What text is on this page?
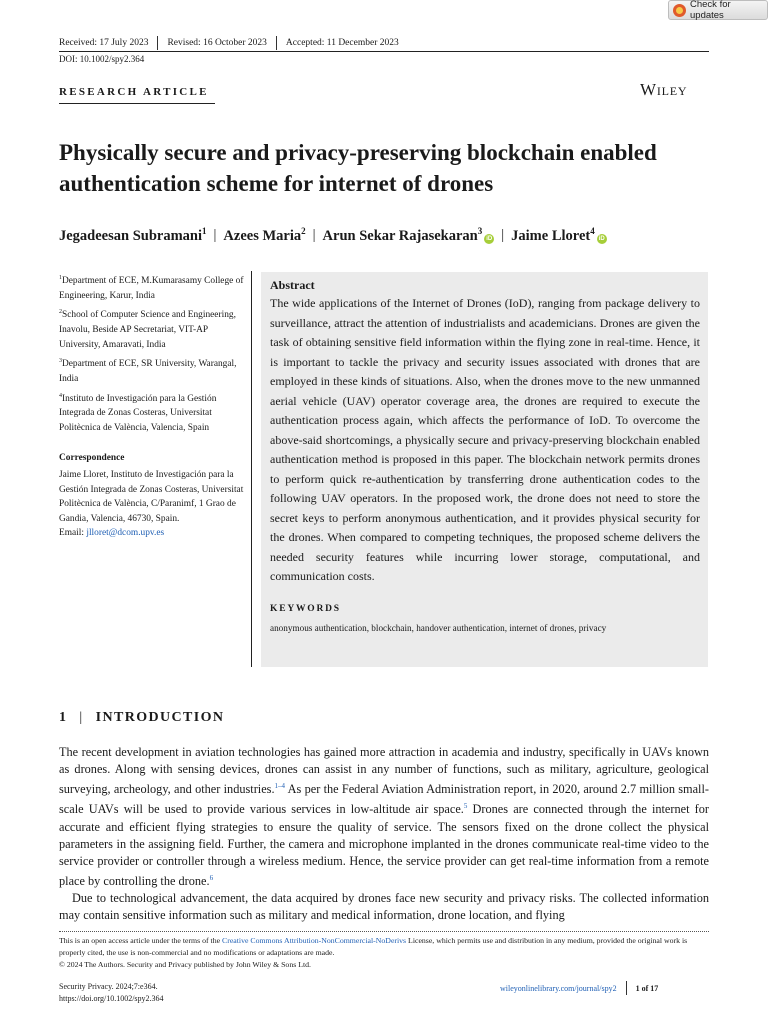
Check for updates
Received: 17 July 2023 Revised: 16 October 2023 Accepted: 11 December 2023
DOI: 10.1002/spy2.364
RESEARCH ARTICLE	Wiley
Physically secure and privacy-preserving blockchain enabled authentication scheme for internet of drones
Jegadeesan Subramani$^1$ | Azees Maria$^2$ | Arun Sekar Rajasekaran$^3$iD | Jaime Lloret$^4$iD

$^1$Department of ECE, M.Kumarasamy College of Engineering, Karur, India

$^2$School of Computer Science and Engineering, Inavolu, Beside AP Secretariat, VIT-AP University, Amaravati, India

$^3$Department of ECE, SR University, Warangal, India

$^4$Instituto de Investigación para la Gestión Integrada de Zonas Costeras, Universitat Politècnica de València, Valencia, Spain

Correspondence

Jaime Lloret, Instituto de Investigación para la Gestión Integrada de Zonas Costeras, Universitat Politècnica de València, C/Paranimf, 1 Grao de Gandia, Valencia, 46730, Spain.
Email: jlloret@dcom.upv.es

Abstract

The wide applications of the Internet of Drones (IoD), ranging from package delivery to surveillance, attract the attention of industrialists and academicians. Drones are given the task of obtaining sensitive field information within the flying zone in real-time. Hence, it is important to tackle the privacy and security issues associated with drones that are employed in these kinds of situations. Also, when the drones move to the new unmanned aerial vehicle (UAV) operator coverage area, the drones are required to execute the authentication process again, which affects the performance of IoD. To overcome the above-said shortcomings, a physically secure and privacy-preserving blockchain enabled authentication method is proposed in this paper. The blockchain network permits drones to perform quick re-authentication by transferring drone authentication codes to the following UAV operators. In the proposed work, the drone does not need to store the secret keys to perform anonymous authentication, and it provides physical security for the drones. When compared to competing techniques, the proposed scheme delivers the needed security features while incurring lower storage, computational, and communication costs.

KEYWORDS

anonymous authentication, blockchain, handover authentication, internet of drones, privacy

1 | INTRODUCTION

The recent development in aviation technologies has gained more attraction in academia and industry, specifically in UAVs known as drones. Along with sensing devices, drones can assist in any number of functions, such as military, agriculture, geological surveying, archeology, and other industries.$^{1-4}$ As per the Federal Aviation Administration report, in 2020, around 2.7 million small-scale UAVs will be used to provide various services in low-altitude air space.$^5$ Drones are connected through the internet for accurate and efficient flying strategies to ensure the quality of service. The sensors fixed on the drone collect the physical parameters in the assigning field. Further, the camera and microphone implanted in the drones communicate real-time video to the service provider or controller through a wireless medium. Hence, the service provider can get real-time information from a remote place by controlling the drone.$^6$

Due to technological advancement, the data acquired by drones face new security and privacy risks. The collected information may contain sensitive information such as military and medical information, drone location, and flying

This is an open access article under the terms of the Creative Commons Attribution-NonCommercial-NoDerivs License, which permits use and distribution in any medium, provided the original work is properly cited, the use is non-commercial and no modifications or adaptations are made.

© 2024 The Authors. Security and Privacy published by John Wiley & Sons Ltd.

Security Privacy. 2024;7:e364.
https://doi.org/10.1002/spy2.364
wileyonlinelibrary.com/journal/spy2 1 of 17
